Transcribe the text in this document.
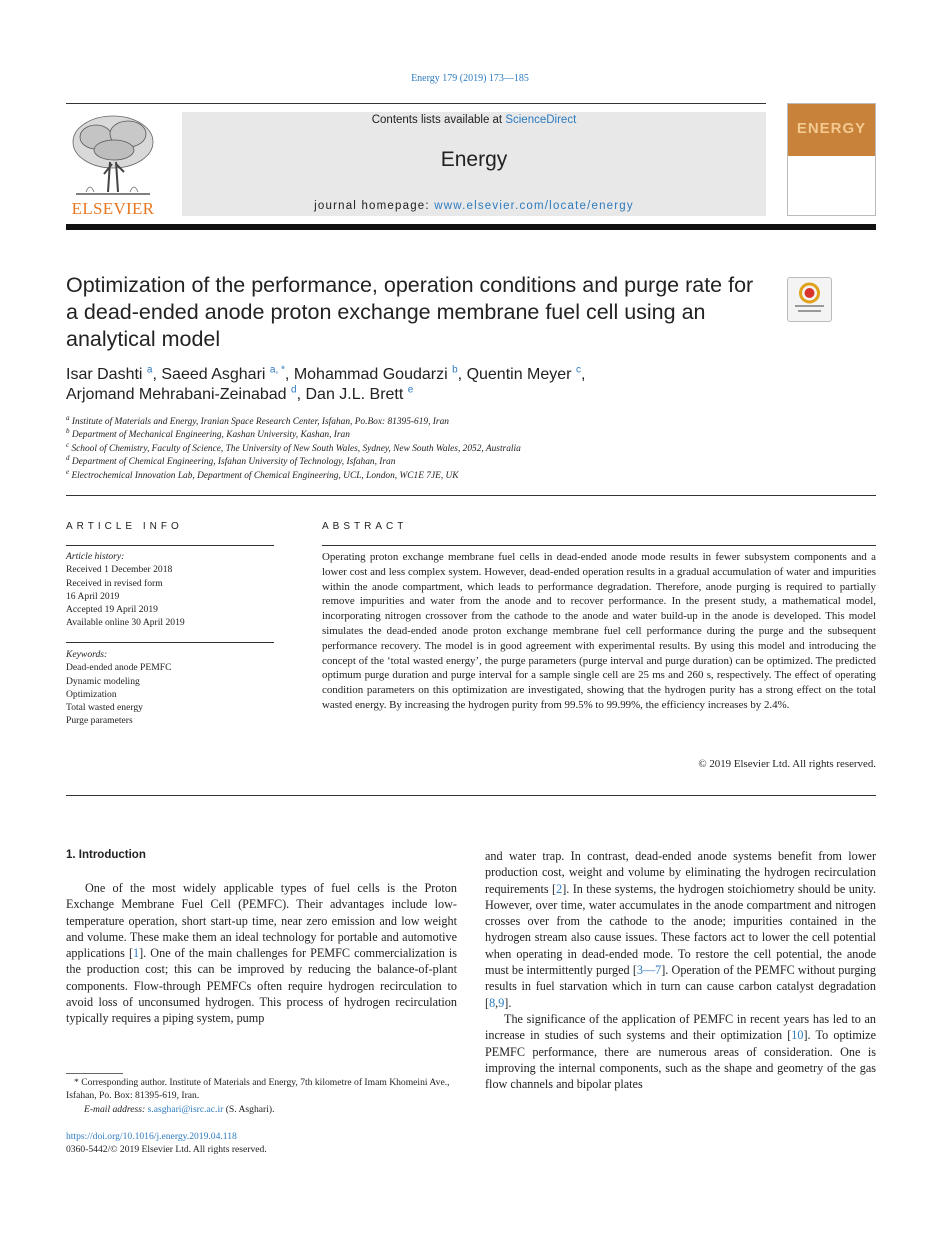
Energy 179 (2019) 173—185
ELSEVIER
Contents lists available at ScienceDirect
Energy
journal homepage: www.elsevier.com/locate/energy
ENERGY
Optimization of the performance, operation conditions and purge rate for a dead-ended anode proton exchange membrane fuel cell using an analytical model
Isar Dashti $^a$, Saeed Asghari $^{a, *}$, Mohammad Goudarzi $^b$, Quentin Meyer $^c$,
Arjomand Mehrabani-Zeinabad $^d$, Dan J.L. Brett $^e$
$^a$ Institute of Materials and Energy, Iranian Space Research Center, Isfahan, Po.Box: 81395-619, Iran
$^b$ Department of Mechanical Engineering, Kashan University, Kashan, Iran
$^c$ School of Chemistry, Faculty of Science, The University of New South Wales, Sydney, New South Wales, 2052, Australia
$^d$ Department of Chemical Engineering, Isfahan University of Technology, Isfahan, Iran
$^e$ Electrochemical Innovation Lab, Department of Chemical Engineering, UCL, London, WC1E 7JE, UK
ARTICLE INFO
Article history:
Received 1 December 2018
Received in revised form
16 April 2019
Accepted 19 April 2019
Available online 30 April 2019
Keywords:
Dead-ended anode PEMFC
Dynamic modeling
Optimization
Total wasted energy
Purge parameters
ABSTRACT
Operating proton exchange membrane fuel cells in dead-ended anode mode results in fewer subsystem components and a lower cost and less complex system. However, dead-ended operation results in a gradual accumulation of water and impurities within the anode compartment, which leads to performance degradation. Therefore, anode purging is required to partially remove impurities and water from the anode and to recover performance. In the present study, a mathematical model, incorporating nitrogen crossover from the cathode to the anode and water build-up in the anode is developed. This model simulates the dead-ended anode proton exchange membrane fuel cell performance during the purge and the subsequent performance recovery. The model is in good agreement with experimental results. By using this model and introducing the concept of the ‘total wasted energy’, the purge parameters (purge interval and purge duration) can be optimized. The predicted optimum purge duration and purge interval for a sample single cell are 25 ms and 260 s, respectively. The effect of operating condition parameters on this optimization are investigated, showing that the hydrogen purity has a strong effect on the total wasted energy. By increasing the hydrogen purity from 99.5% to 99.99%, the efficiency increases by 2.4%.
© 2019 Elsevier Ltd. All rights reserved.
1. Introduction
One of the most widely applicable types of fuel cells is the Proton Exchange Membrane Fuel Cell (PEMFC). Their advantages include low-temperature operation, short start-up time, near zero emission and low weight and volume. These make them an ideal technology for portable and automotive applications [1]. One of the main challenges for PEMFC commercialization is the production cost; this can be improved by reducing the balance-of-plant components. Flow-through PEMFCs often require hydrogen recirculation to avoid loss of unconsumed hydrogen. This process of hydrogen recirculation typically requires a piping system, pump

and water trap. In contrast, dead-ended anode systems benefit from lower production cost, weight and volume by eliminating the hydrogen recirculation requirements [2]. In these systems, the hydrogen stoichiometry should be unity. However, over time, water accumulates in the anode compartment and nitrogen crosses over from the cathode to the anode; impurities contained in the hydrogen stream also cause issues. These factors act to lower the cell potential when operating in dead-ended mode. To restore the cell potential, the anode must be intermittently purged [3—7]. Operation of the PEMFC without purging results in fuel starvation which in turn can cause carbon catalyst degradation [8,9].

The significance of the application of PEMFC in recent years has led to an increase in studies of such systems and their optimization [10]. To optimize PEMFC performance, there are numerous areas of consideration. One is improving the internal components, such as the shape and geometry of the gas flow channels and bipolar plates

* Corresponding author. Institute of Materials and Energy, 7th kilometre of Imam Khomeini Ave., Isfahan, Po. Box: 81395-619, Iran.
E-mail address: s.asghari@isrc.ac.ir (S. Asghari).
https://doi.org/10.1016/j.energy.2019.04.118
0360-5442/© 2019 Elsevier Ltd. All rights reserved.
